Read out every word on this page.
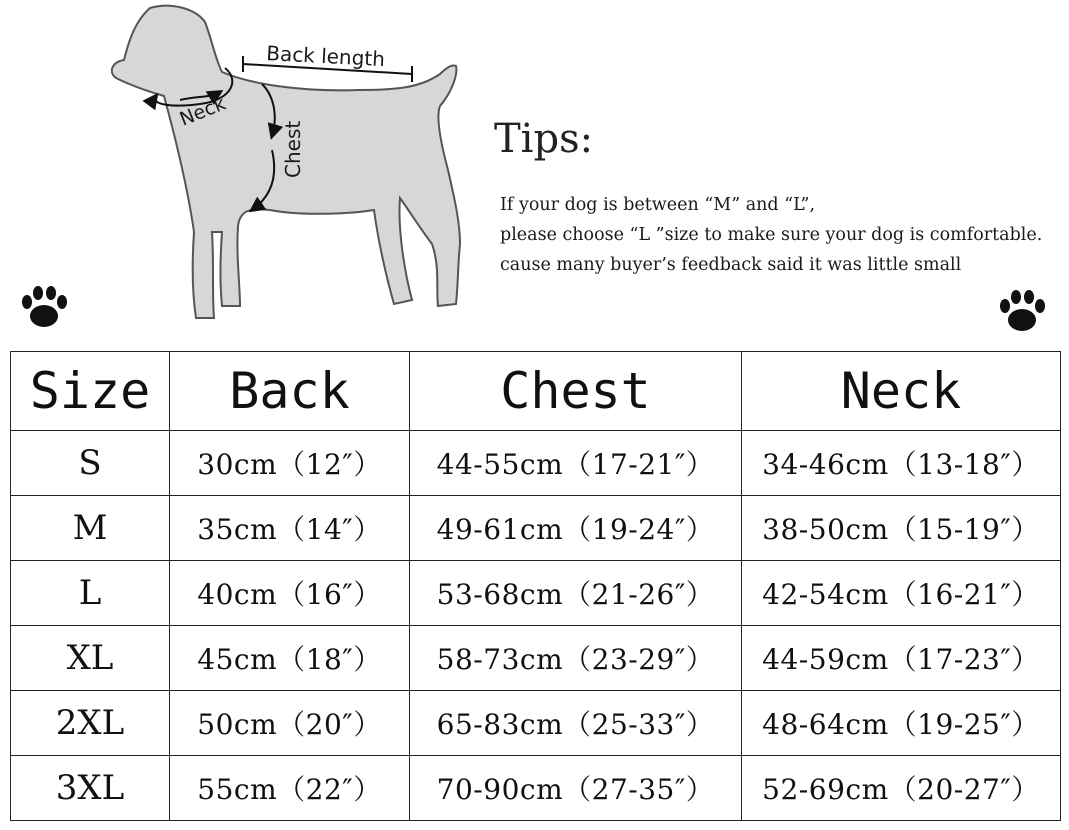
Back length
Neck
Chest	Tips:
If your dog is between “M” and “L”,
please choose “L ”size to make sure your dog is comfortable.
cause many buyer’s feedback said it was little small
Size	Back	Chest	Neck
S	30cm（12″）	44-55cm（17-21″）	34-46cm（13-18″）
M	35cm（14″）	49-61cm（19-24″）	38-50cm（15-19″）
L	40cm（16″）	53-68cm（21-26″）	42-54cm（16-21″）
XL	45cm（18″）	58-73cm（23-29″）	44-59cm（17-23″）
2XL	50cm（20″）	65-83cm（25-33″）	48-64cm（19-25″）
3XL	55cm（22″）	70-90cm（27-35″）	52-69cm（20-27″）
